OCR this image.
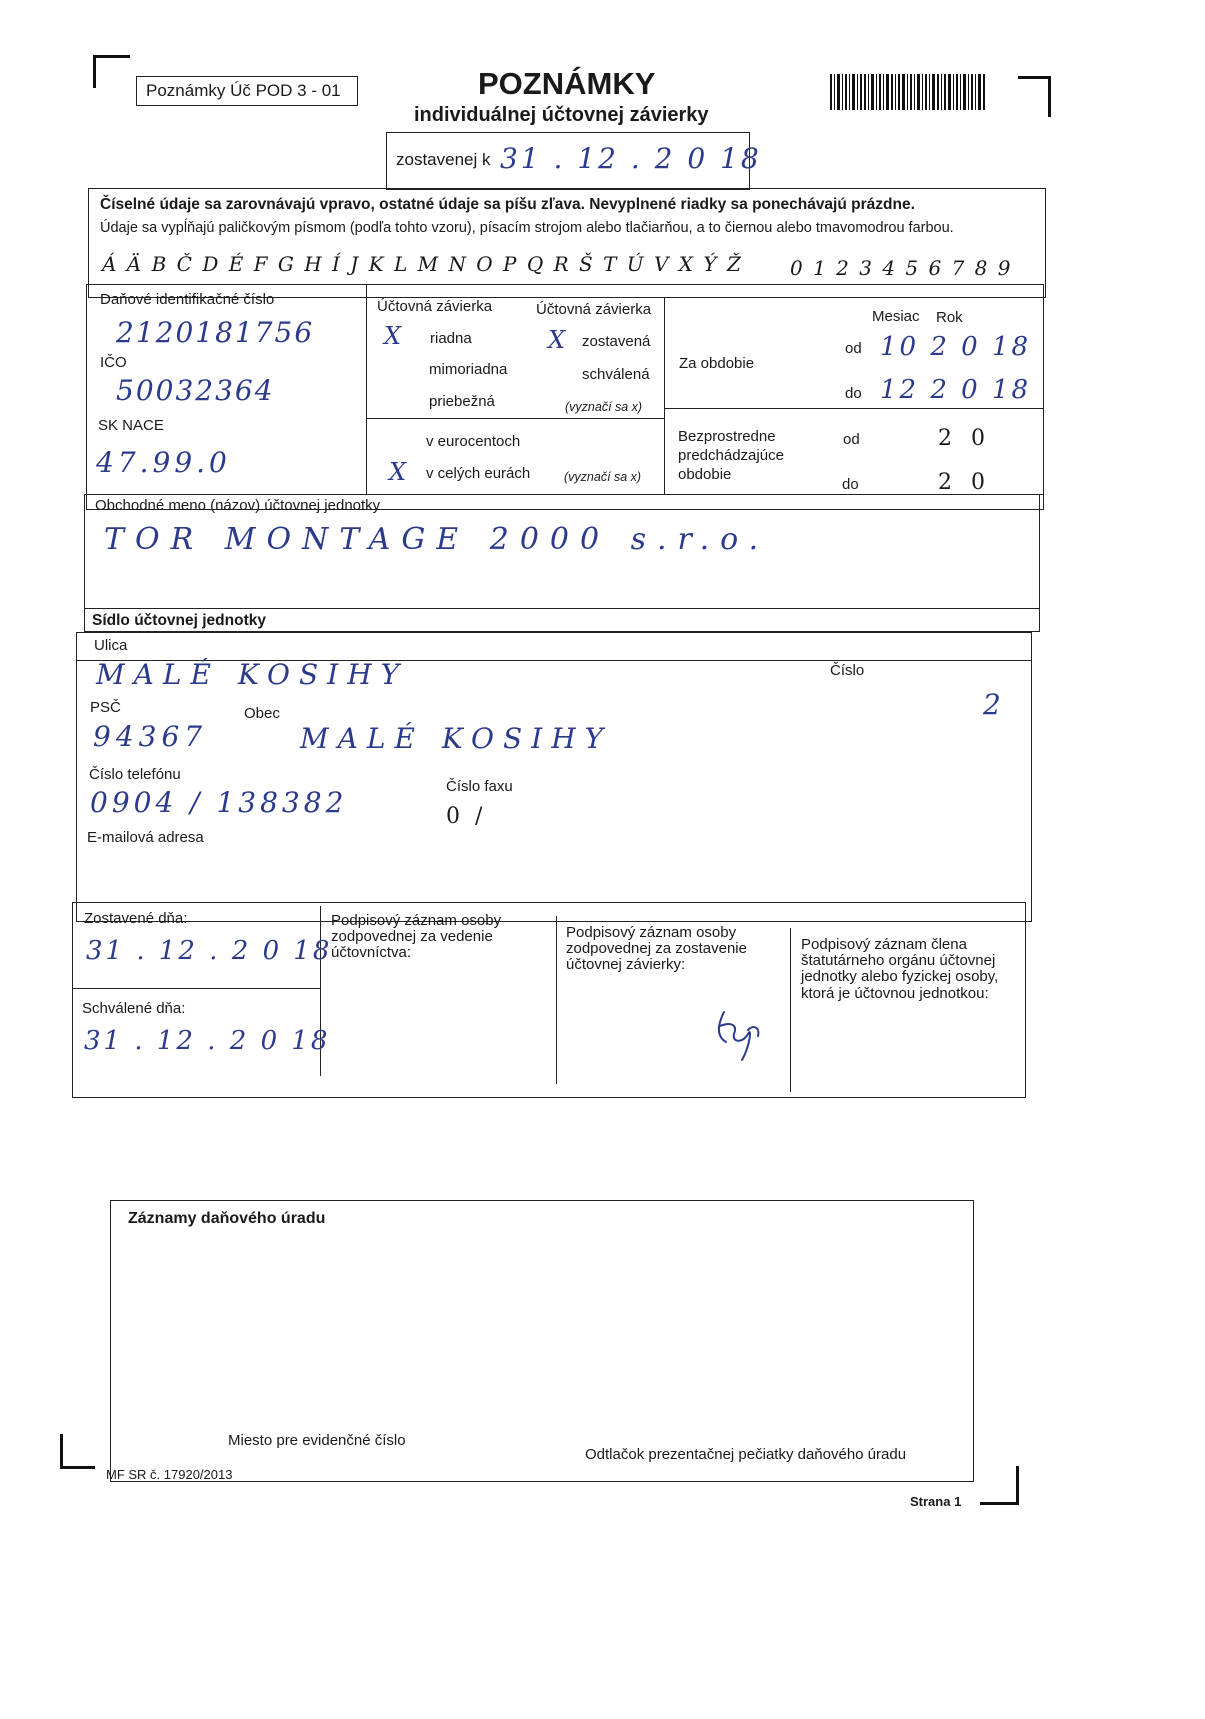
Poznámky Úč POD 3 - 01	POZNÁMKY
individuálnej účtovnej závierky
zostavenej k 31 . 12 . 2 0 18
Číselné údaje sa zarovnávajú vpravo, ostatné údaje sa píšu zľava. Nevyplnené riadky sa ponechávajú prázdne.
Údaje sa vypĺňajú paličkovým písmom (podľa tohto vzoru), písacím strojom alebo tlačiarňou, a to čiernou alebo tmavomodrou farbou.
Á Ä B Č D É F G H Í J K L M N O P Q R Š T Ú V X Ý Ž 0 1 2 3 4 5 6 7 8 9
Daňové identifikačné číslo
2120181756
IČO
50032364
SK NACE
47.99.0
Účtovná závierka	Účtovná závierka
X riadna
mimoriadna
priebežná
X zostavená
schválená
(vyznačí sa x)
v eurocentoch
X v celých eurách	(vyznačí sa x)
Mesiac Rok
Za obdobie
od 10 2 0 18
do 12 2 0 18
Bezprostredne
predchádzajúce
obdobie
od	2 0
do	2 0
Obchodné meno (názov) účtovnej jednotky
TOR MONTAGE 2000 s.r.o.
Sídlo účtovnej jednotky
Ulica
MALÉ KOSIHY	Číslo
2
PSČ
94367
Obec
MALÉ KOSIHY
Číslo telefónu
0904 / 138382	Číslo faxu
0 /
E-mailová adresa
Zostavené dňa:
31 . 12 . 2 0 18
Schválené dňa:
31 . 12 . 2 0 18
Podpisový záznam osoby zodpovednej za vedenie účtovníctva:
Podpisový záznam osoby zodpovednej za zostavenie účtovnej závierky:
Podpisový záznam člena štatutárneho orgánu účtovnej jednotky alebo fyzickej osoby, ktorá je účtovnou jednotkou:
Záznamy daňového úradu
Miesto pre evidenčné číslo
Odtlačok prezentačnej pečiatky daňového úradu
MF SR č. 17920/2013
Strana 1
